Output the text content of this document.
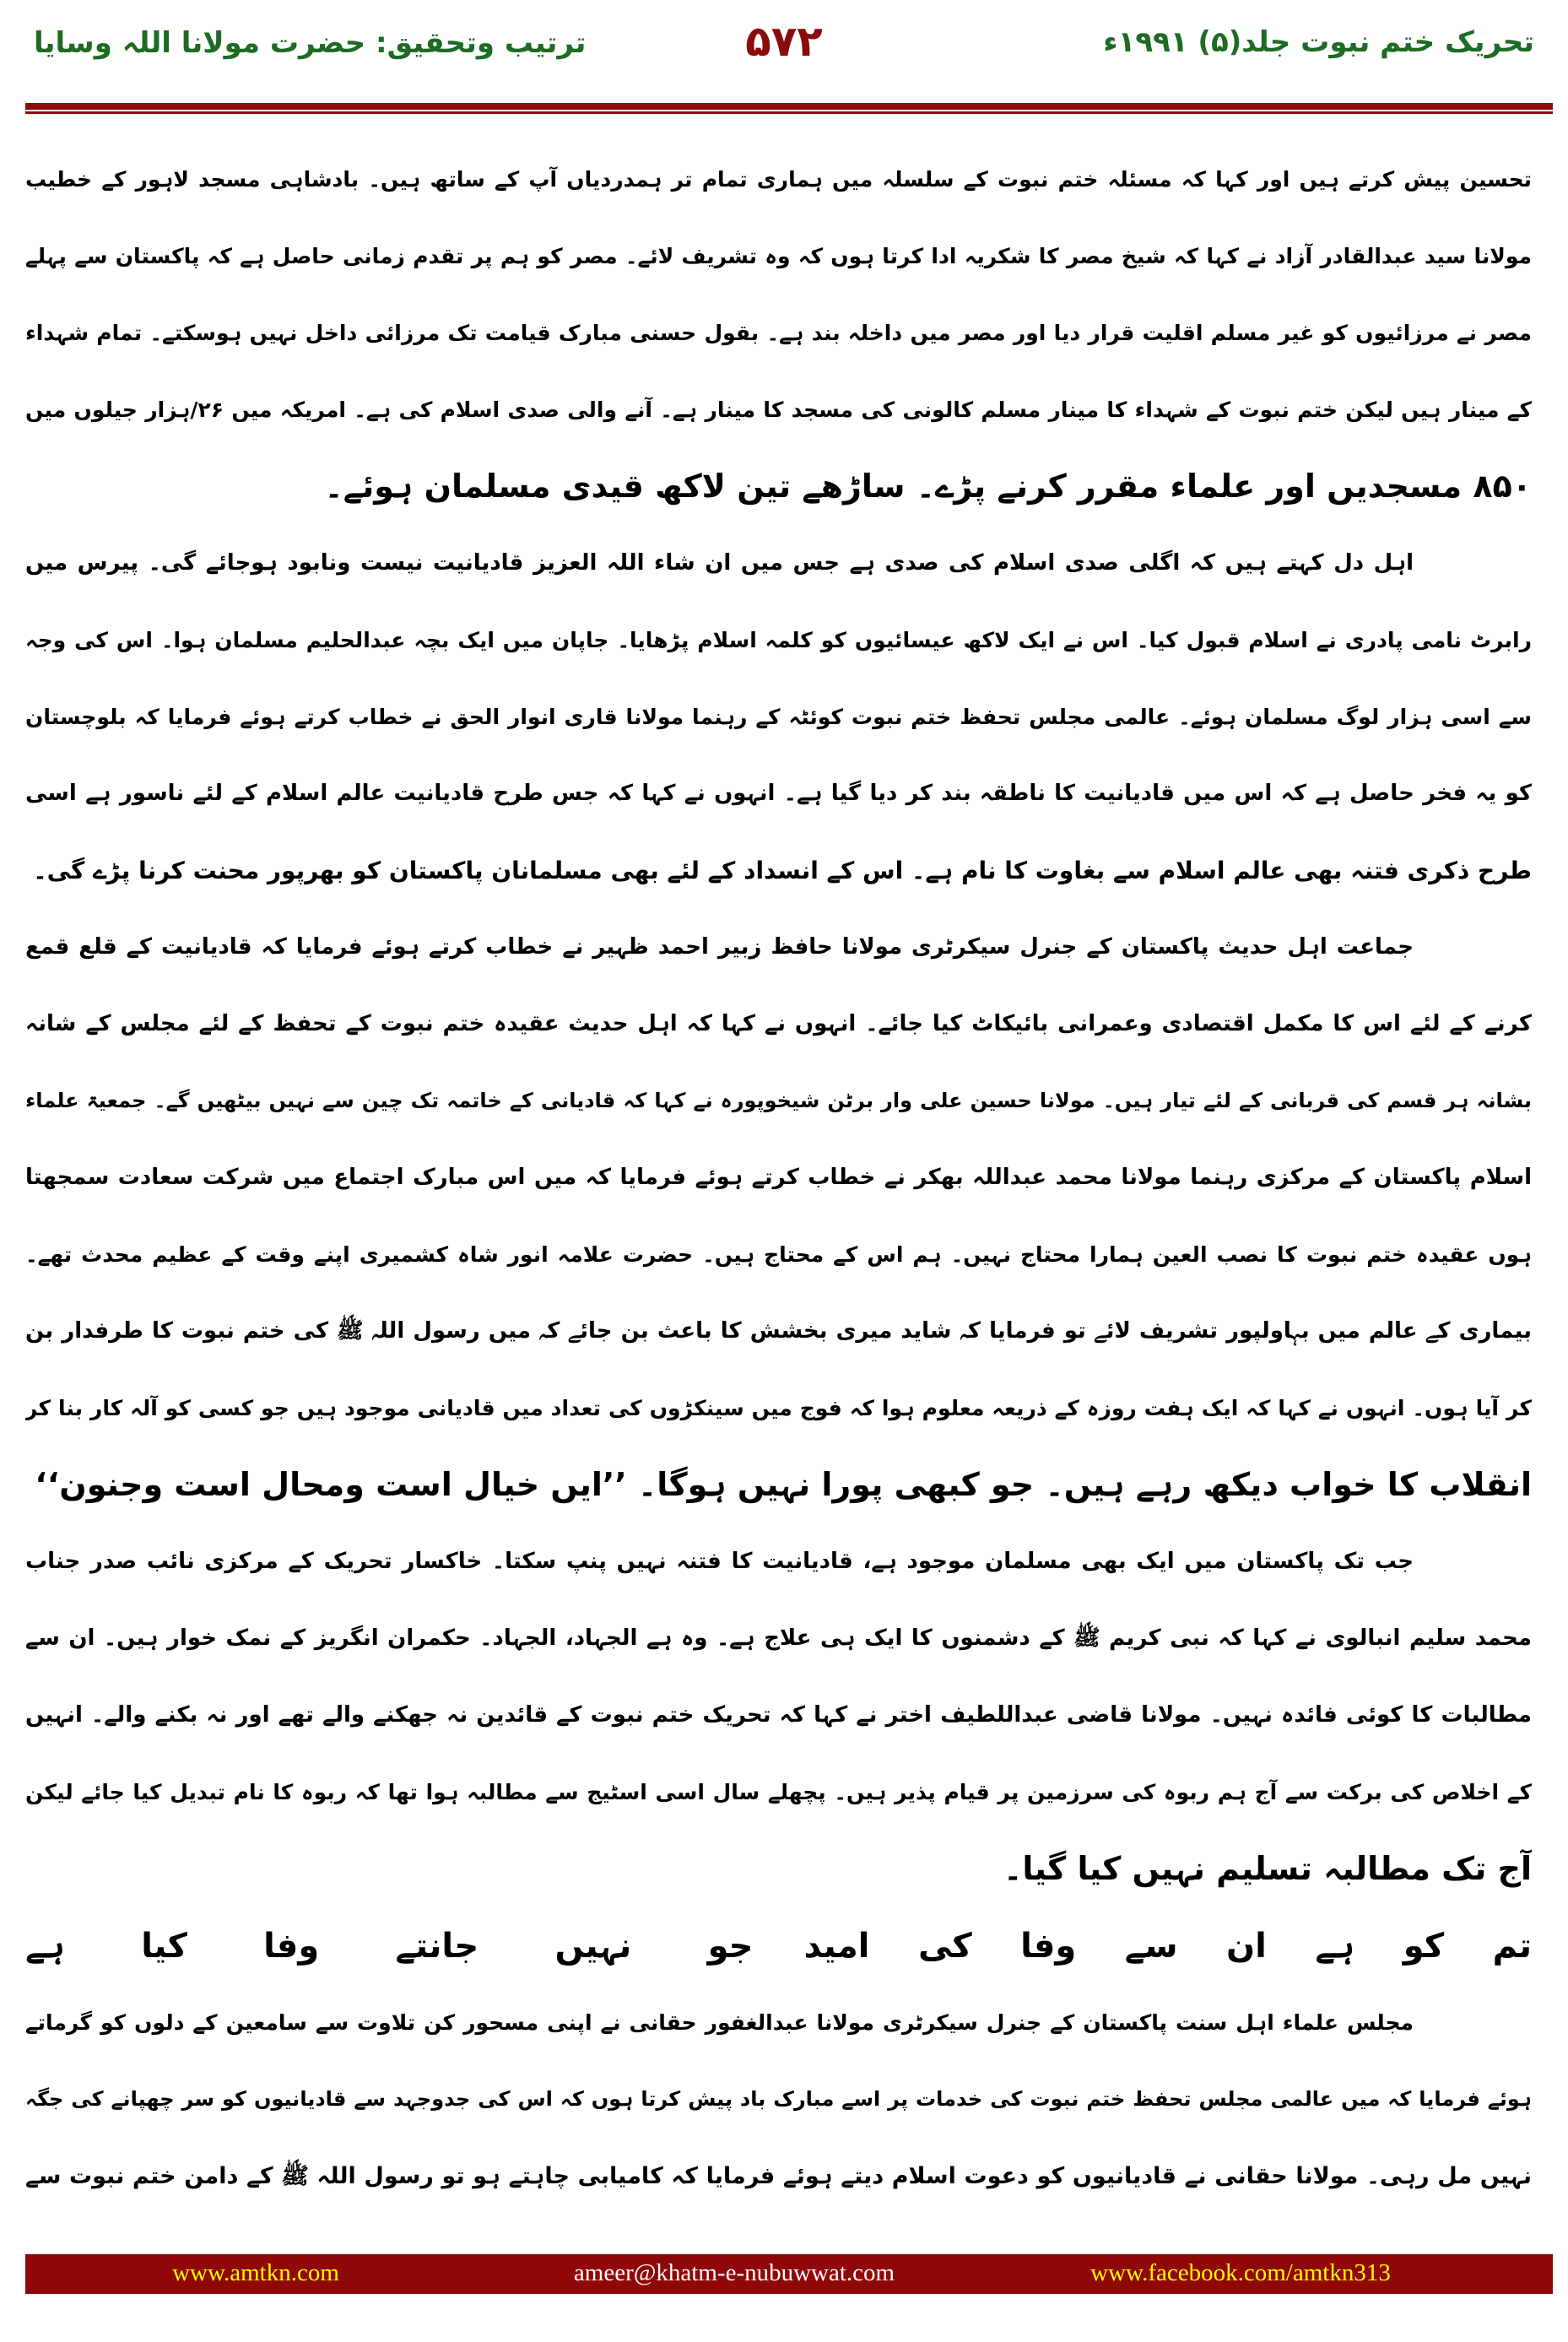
تحریک ختم نبوت جلد(۵) ۱۹۹۱ء
۵۷۲
ترتیب وتحقیق: حضرت مولانا اللہ وسایا
تحسین پیش کرتے ہیں اور کہا کہ مسئلہ ختم نبوت کے سلسلہ میں ہماری تمام تر ہمدردیاں آپ کے ساتھ ہیں۔ بادشاہی مسجد لاہور کے خطیب
مولانا سید عبدالقادر آزاد نے کہا کہ شیخ مصر کا شکریہ ادا کرتا ہوں کہ وہ تشریف لائے۔ مصر کو ہم پر تقدم زمانی حاصل ہے کہ پاکستان سے پہلے
مصر نے مرزائیوں کو غیر مسلم اقلیت قرار دیا اور مصر میں داخلہ بند ہے۔ بقول حسنی مبارک قیامت تک مرزائی داخل نہیں ہوسکتے۔ تمام شہداء
کے مینار ہیں لیکن ختم نبوت کے شہداء کا مینار مسلم کالونی کی مسجد کا مینار ہے۔ آنے والی صدی اسلام کی ہے۔ امریکہ میں ۲۶/ہزار جیلوں میں
۸۵۰ مسجدیں اور علماء مقرر کرنے پڑے۔ ساڑھے تین لاکھ قیدی مسلمان ہوئے۔
اہل دل کہتے ہیں کہ اگلی صدی اسلام کی صدی ہے جس میں ان شاء اللہ العزیز قادیانیت نیست ونابود ہوجائے گی۔ پیرس میں
رابرٹ نامی پادری نے اسلام قبول کیا۔ اس نے ایک لاکھ عیسائیوں کو کلمہ اسلام پڑھایا۔ جاپان میں ایک بچہ عبدالحلیم مسلمان ہوا۔ اس کی وجہ
سے اسی ہزار لوگ مسلمان ہوئے۔ عالمی مجلس تحفظ ختم نبوت کوئٹہ کے رہنما مولانا قاری انوار الحق نے خطاب کرتے ہوئے فرمایا کہ بلوچستان
کو یہ فخر حاصل ہے کہ اس میں قادیانیت کا ناطقہ بند کر دیا گیا ہے۔ انہوں نے کہا کہ جس طرح قادیانیت عالم اسلام کے لئے ناسور ہے اسی
طرح ذکری فتنہ بھی عالم اسلام سے بغاوت کا نام ہے۔ اس کے انسداد کے لئے بھی مسلمانان پاکستان کو بھرپور محنت کرنا پڑے گی۔
جماعت اہل حدیث پاکستان کے جنرل سیکرٹری مولانا حافظ زبیر احمد ظہیر نے خطاب کرتے ہوئے فرمایا کہ قادیانیت کے قلع قمع
کرنے کے لئے اس کا مکمل اقتصادی وعمرانی بائیکاٹ کیا جائے۔ انہوں نے کہا کہ اہل حدیث عقیدہ ختم نبوت کے تحفظ کے لئے مجلس کے شانہ
بشانہ ہر قسم کی قربانی کے لئے تیار ہیں۔ مولانا حسین علی وار برٹن شیخوپورہ نے کہا کہ قادیانی کے خاتمہ تک چین سے نہیں بیٹھیں گے۔ جمعیۃ علماء
اسلام پاکستان کے مرکزی رہنما مولانا محمد عبداللہ بھکر نے خطاب کرتے ہوئے فرمایا کہ میں اس مبارک اجتماع میں شرکت سعادت سمجھتا
ہوں عقیدہ ختم نبوت کا نصب العین ہمارا محتاج نہیں۔ ہم اس کے محتاج ہیں۔ حضرت علامہ انور شاہ کشمیری اپنے وقت کے عظیم محدث تھے۔
بیماری کے عالم میں بہاولپور تشریف لائے تو فرمایا کہ شاید میری بخشش کا باعث بن جائے کہ میں رسول اللہ ﷺ کی ختم نبوت کا طرفدار بن
کر آیا ہوں۔ انہوں نے کہا کہ ایک ہفت روزہ کے ذریعہ معلوم ہوا کہ فوج میں سینکڑوں کی تعداد میں قادیانی موجود ہیں جو کسی کو آلہ کار بنا کر
انقلاب کا خواب دیکھ رہے ہیں۔ جو کبھی پورا نہیں ہوگا۔ ’’ایں خیال است ومحال است وجنون‘‘
جب تک پاکستان میں ایک بھی مسلمان موجود ہے، قادیانیت کا فتنہ نہیں پنپ سکتا۔ خاکسار تحریک کے مرکزی نائب صدر جناب
محمد سلیم انبالوی نے کہا کہ نبی کریم ﷺ کے دشمنوں کا ایک ہی علاج ہے۔ وہ ہے الجہاد، الجہاد۔ حکمران انگریز کے نمک خوار ہیں۔ ان سے
مطالبات کا کوئی فائدہ نہیں۔ مولانا قاضی عبداللطیف اختر نے کہا کہ تحریک ختم نبوت کے قائدین نہ جھکنے والے تھے اور نہ بکنے والے۔ انہیں
کے اخلاص کی برکت سے آج ہم ربوہ کی سرزمین پر قیام پذیر ہیں۔ پچھلے سال اسی اسٹیج سے مطالبہ ہوا تھا کہ ربوہ کا نام تبدیل کیا جائے لیکن
آج تک مطالبہ تسلیم نہیں کیا گیا۔
تم
کو
ہے
ان
سے
وفا
کی
امید
جو
نہیں
جانتے
وفا
کیا
ہے
مجلس علماء اہل سنت پاکستان کے جنرل سیکرٹری مولانا عبدالغفور حقانی نے اپنی مسحور کن تلاوت سے سامعین کے دلوں کو گرماتے
ہوئے فرمایا کہ میں عالمی مجلس تحفظ ختم نبوت کی خدمات پر اسے مبارک باد پیش کرتا ہوں کہ اس کی جدوجہد سے قادیانیوں کو سر چھپانے کی جگہ
نہیں مل رہی۔ مولانا حقانی نے قادیانیوں کو دعوت اسلام دیتے ہوئے فرمایا کہ کامیابی چاہتے ہو تو رسول اللہ ﷺ کے دامن ختم نبوت سے
www.amtkn.com	ameer@khatm-e-nubuwwat.com	www.facebook.com/amtkn313
